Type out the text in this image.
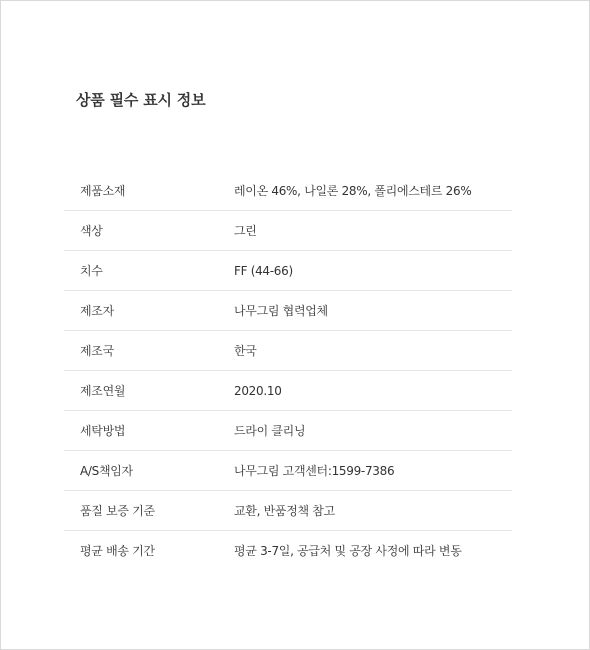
상품 필수 표시 정보
제품소재	레이온 46%, 나일론 28%, 폴리에스테르 26%
색상	그린
치수	FF (44-66)
제조자	나무그림 협력업체
제조국	한국
제조연월	2020.10
세탁방법	드라이 클리닝
A/S책임자	나무그림 고객센터:1599-7386
품질 보증 기준	교환, 반품정책 참고
평균 배송 기간	평균 3-7일, 공급처 및 공장 사정에 따라 변동
